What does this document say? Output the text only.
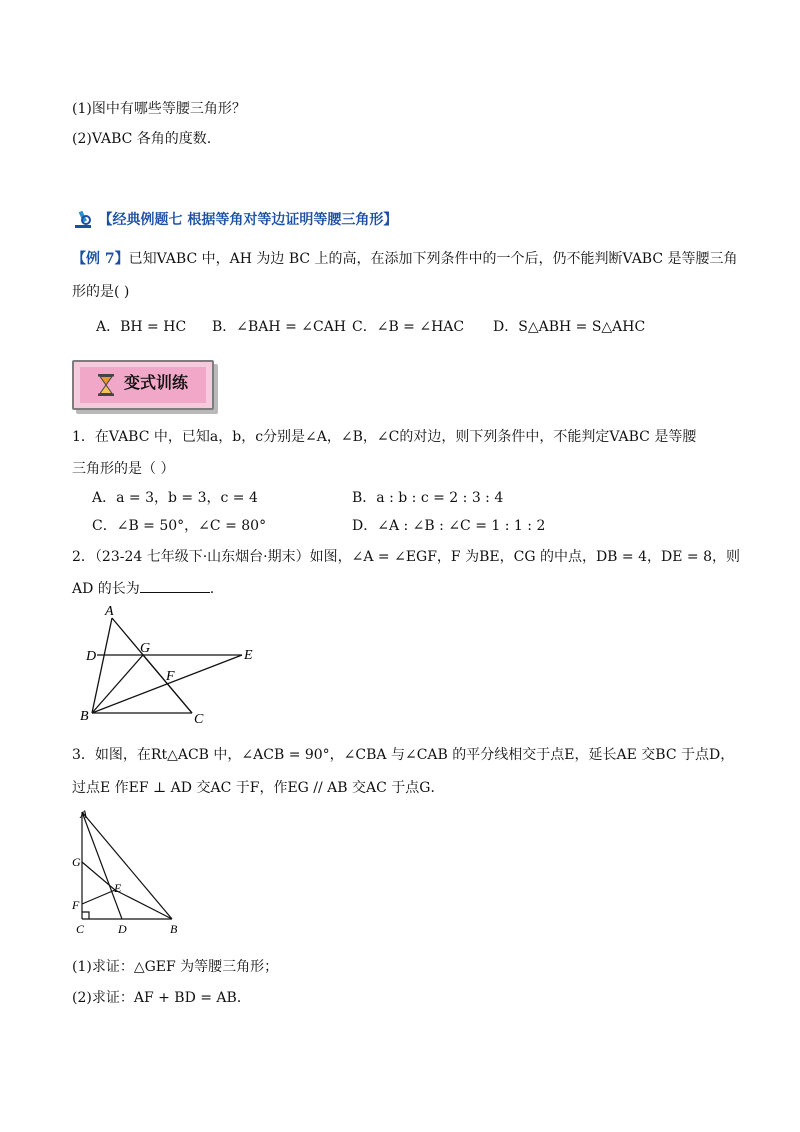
(1)图中有哪些等腰三角形？
(2)VABC 各角的度数.
【经典例题七 根据等角对等边证明等腰三角形】
【例 7】已知VABC 中，AH 为边 BC 上的高，在添加下列条件中的一个后，仍不能判断VABC 是等腰三角
形的是( )
A．BH = HC B．∠BAH = ∠CAH C．∠B = ∠HAC D．S△ABH = S△AHC
变式训练
1．在VABC 中，已知a，b，c分别是∠A，∠B，∠C的对边，则下列条件中，不能判定VABC 是等腰
三角形的是（ ）
A．a = 3，b = 3，c = 4	B．a : b : c = 2 : 3 : 4
C．∠B = 50°，∠C = 80°	D．∠A : ∠B : ∠C = 1 : 1 : 2
2．（23-24 七年级下·山东烟台·期末）如图，∠A = ∠EGF，F 为BE，CG 的中点，DB = 4，DE = 8，则
AD 的长为	.
A
D
G	E
F
B	C
3．如图，在Rt△ACB 中，∠ACB = 90°，∠CBA 与∠CAB 的平分线相交于点E，延长AE 交BC 于点D，
过点E 作EF ⊥ AD 交AC 于F，作EG // AB 交AC 于点G．
A
G
E
F
C	D	B
(1)求证：△GEF 为等腰三角形；
(2)求证：AF + BD = AB．
